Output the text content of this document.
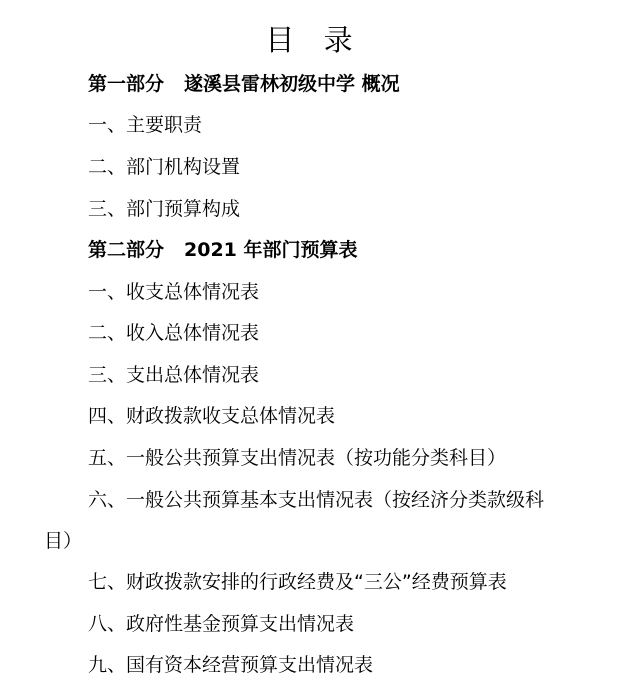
目 录
第一部分 遂溪县雷林初级中学 概况
一、主要职责
二、部门机构设置
三、部门预算构成
第二部分 2021 年部门预算表
一、收支总体情况表
二、收入总体情况表
三、支出总体情况表
四、财政拨款收支总体情况表
五、一般公共预算支出情况表（按功能分类科目）
六、一般公共预算基本支出情况表（按经济分类款级科
目）
七、财政拨款安排的行政经费及“三公”经费预算表
八、政府性基金预算支出情况表
九、国有资本经营预算支出情况表
